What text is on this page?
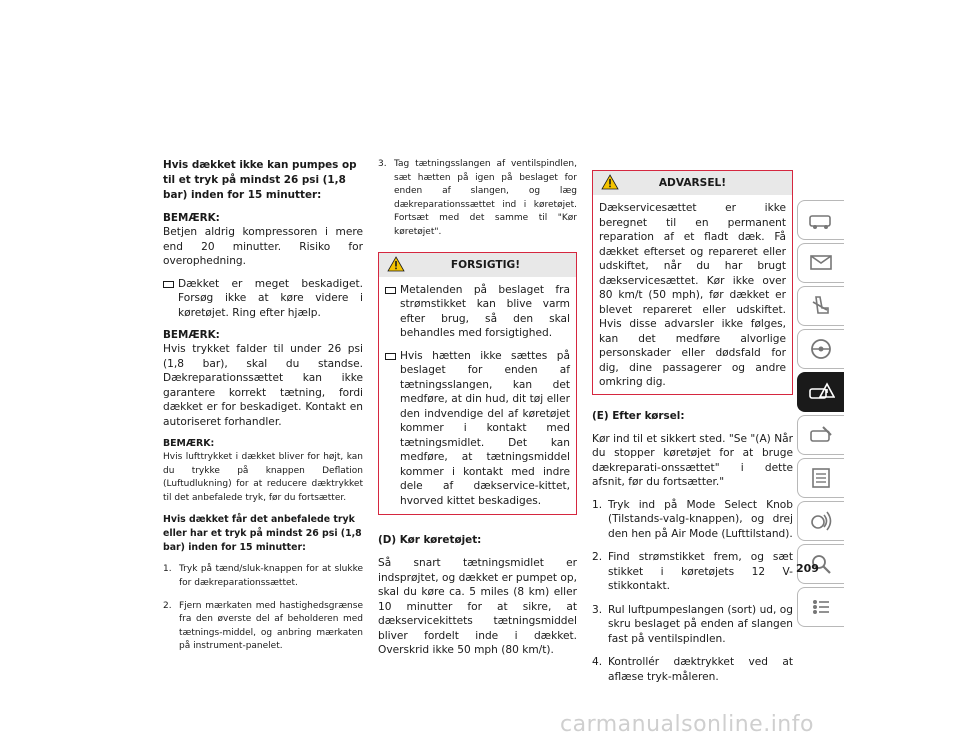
Hvis dækket ikke kan pumpes op til et tryk på mindst 26 psi (1,8 bar) inden for 15 minutter:

BEMÆRK:

Betjen aldrig kompressoren i mere end 20 minutter. Risiko for overophedning.

Dækket er meget beskadiget. Forsøg ikke at køre videre i køretøjet. Ring efter hjælp.

BEMÆRK:

Hvis trykket falder til under 26 psi (1,8 bar), skal du standse. Dækreparationssættet kan ikke garantere korrekt tætning, fordi dækket er for beskadiget. Kontakt en autoriseret forhandler.

BEMÆRK:

Hvis lufttrykket i dækket bliver for højt, kan du trykke på knappen Deflation (Luftudlukning) for at reducere dæktrykket til det anbefalede tryk, før du fortsætter.

Hvis dækket får det anbefalede tryk eller har et tryk på mindst 26 psi (1,8 bar) inden for 15 minutter:

1. Tryk på tænd/sluk-knappen for at slukke for dækreparationssættet.
2. Fjern mærkaten med hastighedsgrænse fra den øverste del af beholderen med tætnings-middel, og anbring mærkaten på instrument-panelet.
3. Tag tætningsslangen af ventilspindlen, sæt hætten på igen på beslaget for enden af slangen, og læg dækreparationssættet ind i køretøjet. Fortsæt med det samme til "Kør køretøjet".
FORSIGTIG!
Metalenden på beslaget fra strømstikket kan blive varm efter brug, så den skal behandles med forsigtighed.
Hvis hætten ikke sættes på beslaget for enden af tætningsslangen, kan det medføre, at din hud, dit tøj eller den indvendige del af køretøjet kommer i kontakt med tætningsmidlet. Det kan medføre, at tætningsmiddel kommer i kontakt med indre dele af dækservice-kittet, hvorved kittet beskadiges.

(D) Kør køretøjet:

Så snart tætningsmidlet er indsprøjtet, og dækket er pumpet op, skal du køre ca. 5 miles (8 km) eller 10 minutter for at sikre, at dækservicekittets tætningsmiddel bliver fordelt inde i dækket. Overskrid ikke 50 mph (80 km/t).

ADVARSEL!

Dækservicesættet er ikke beregnet til en permanent reparation af et fladt dæk. Få dækket efterset og repareret eller udskiftet, når du har brugt dækservicesættet. Kør ikke over 80 km/t (50 mph), før dækket er blevet repareret eller udskiftet. Hvis disse advarsler ikke følges, kan det medføre alvorlige personskader eller dødsfald for dig, dine passagerer og andre omkring dig.

(E) Efter kørsel:

Kør ind til et sikkert sted. "Se "(A) Når du stopper køretøjet for at bruge dækreparati-onssættet" i dette afsnit, før du fortsætter."

1. Tryk ind på Mode Select Knob (Tilstands-valg-knappen), og drej den hen på Air Mode (Lufttilstand).
2. Find strømstikket frem, og sæt stikket i køretøjets 12 V-stikkontakt.
3. Rul luftpumpeslangen (sort) ud, og skru beslaget på enden af slangen fast på ventilspindlen.
4. Kontrollér dæktrykket ved at aflæse tryk-måleren.
209
carmanualsonline.info
